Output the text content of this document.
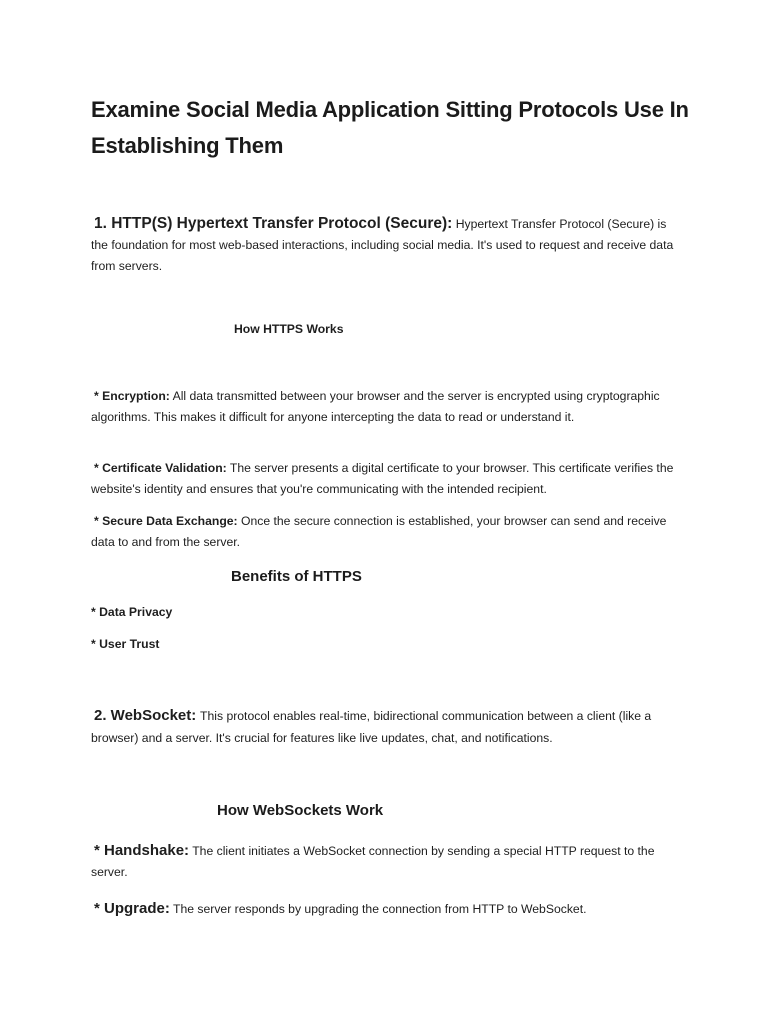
Examine Social Media Application Sitting Protocols Use In Establishing Them
1. HTTP(S) Hypertext Transfer Protocol (Secure): Hypertext Transfer Protocol (Secure) is the foundation for most web-based interactions, including social media. It's used to request and receive data from servers.
How HTTPS Works
* Encryption: All data transmitted between your browser and the server is encrypted using cryptographic algorithms. This makes it difficult for anyone intercepting the data to read or understand it.
* Certificate Validation: The server presents a digital certificate to your browser. This certificate verifies the website's identity and ensures that you're communicating with the intended recipient.
* Secure Data Exchange: Once the secure connection is established, your browser can send and receive data to and from the server.
Benefits of HTTPS
* Data Privacy
* User Trust
2. WebSocket: This protocol enables real-time, bidirectional communication between a client (like a browser) and a server. It's crucial for features like live updates, chat, and notifications.
How WebSockets Work
* Handshake: The client initiates a WebSocket connection by sending a special HTTP request to the server.
* Upgrade: The server responds by upgrading the connection from HTTP to WebSocket.
